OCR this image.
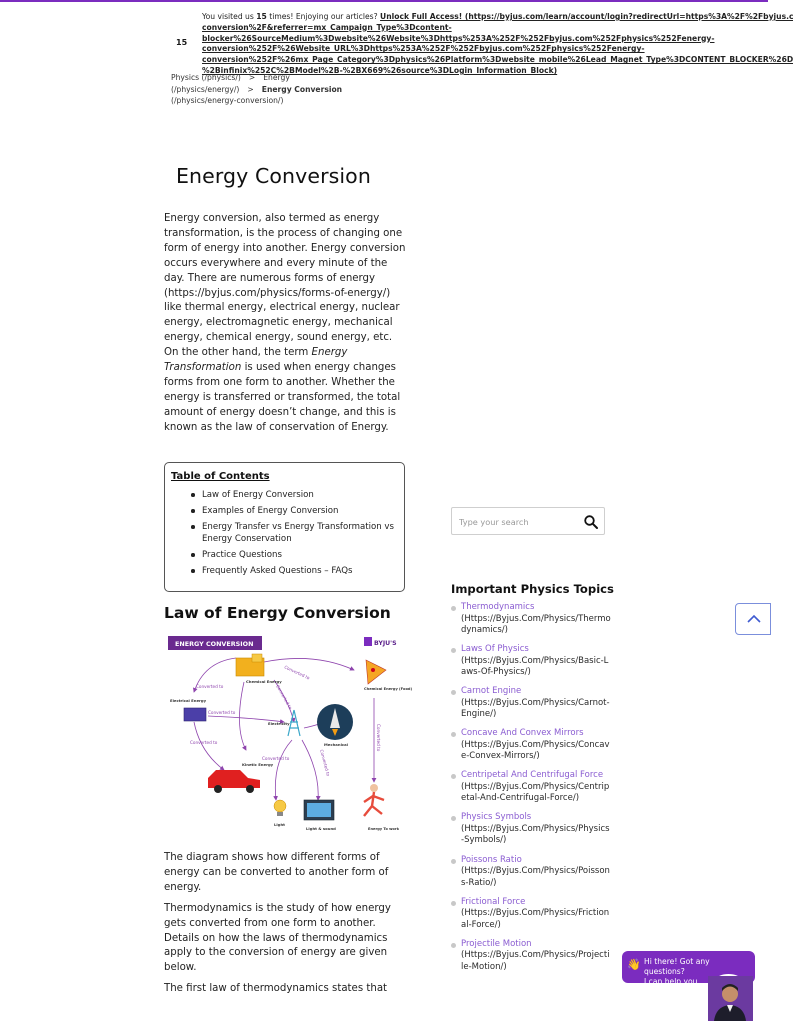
15
You visited us 15 times! Enjoying our articles? Unlock Full Access! (https://byjus.com/learn/account/login?redirectUrl=https%3A%2F%2Fbyjus.c
conversion%2F&referrer=mx_Campaign_Type%3Dcontent-
blocker%26SourceMedium%3Dwebsite%26Website%3Dhttps%253A%252F%252Fbyjus.com%252Fphysics%252Fenergy-
conversion%252F%26Website_URL%3Dhttps%253A%252F%252Fbyjus.com%252Fphysics%252Fenergy-
conversion%252F%26mx_Page_Category%3Dphysics%26Platform%3Dwebsite_mobile%26Lead_Magnet_Type%3DCONTENT_BLOCKER%26D
%2Binfinix%252C%2BModel%2B-%2BX669%26source%3DLogin_Information_Block)
Physics (/physics/) > Energy
(/physics/energy/) > Energy Conversion
(/physics/energy-conversion/)
Energy Conversion

Energy conversion, also termed as energy transformation, is the process of changing one form of energy into another. Energy conversion occurs everywhere and every minute of the day. There are numerous forms of energy (https://byjus.com/physics/forms-of-energy/) like thermal energy, electrical energy, nuclear energy, electromagnetic energy, mechanical energy, chemical energy, sound energy, etc. On the other hand, the term Energy Transformation is used when energy changes forms from one form to another. Whether the energy is transferred or transformed, the total amount of energy doesn’t change, and this is known as the law of conservation of Energy.

Table of Contents
Law of Energy Conversion
Examples of Energy Conversion
Energy Transfer vs Energy Transformation vs Energy Conservation
Practice Questions
Frequently Asked Questions – FAQs
Law of Energy Conversion
ENERGY CONVERSION	BYJU'S
Converted to
Converted to	Converted to
Converted to
Converted to
Converted to	Converted to
Converted to
Chemical Energy
Electrical Energy
Electricity
Mechanical
Chemical Energy (Food)
Kinetic Energy
Light
Light & sound	Energy To work

The diagram shows how different forms of energy can be converted to another form of energy.

Thermodynamics is the study of how energy gets converted from one form to another. Details on how the laws of thermodynamics apply to the conversion of energy are given below.

The first law of thermodynamics states that

Type your search
Important Physics Topics
Thermodynamics
(Https://Byjus.Com/Physics/Thermodynamics/)
Laws Of Physics
(Https://Byjus.Com/Physics/Basic-Laws-Of-Physics/)
Carnot Engine
(Https://Byjus.Com/Physics/Carnot-Engine/)
Concave And Convex Mirrors
(Https://Byjus.Com/Physics/Concave-Convex-Mirrors/)
Centripetal And Centrifugal Force
(Https://Byjus.Com/Physics/Centripetal-And-Centrifugal-Force/)
Physics Symbols
(Https://Byjus.Com/Physics/Physics-Symbols/)
Poissons Ratio
(Https://Byjus.Com/Physics/Poissons-Ratio/)
Frictional Force
(Https://Byjus.Com/Physics/Frictional-Force/)
Projectile Motion
(Https://Byjus.Com/Physics/Projectile-Motion/)	👋 Hi there! Got any questions?
I can help you...
